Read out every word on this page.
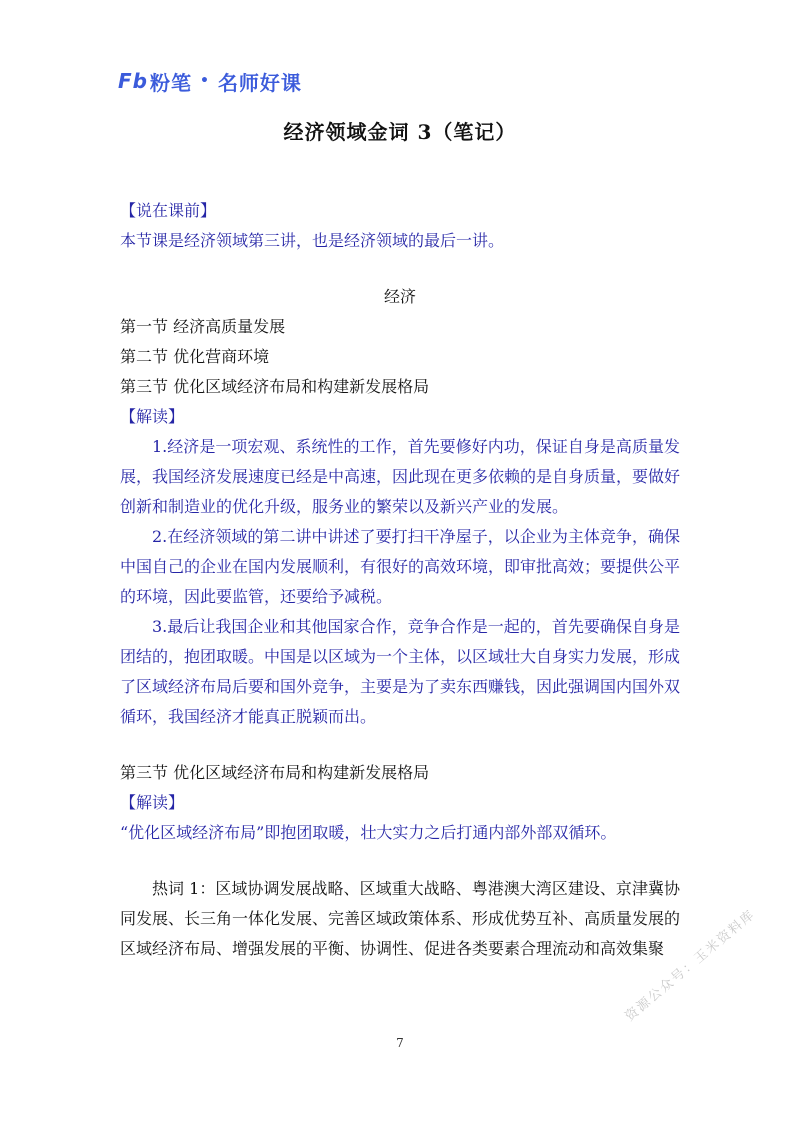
Fb 粉笔 • 名师好课
经济领域金词 3（笔记）
【说在课前】
本节课是经济领域第三讲，也是经济领域的最后一讲。
经济
第一节 经济高质量发展
第二节 优化营商环境
第三节 优化区域经济布局和构建新发展格局
【解读】
1.经济是一项宏观、系统性的工作，首先要修好内功，保证自身是高质量发展，我国经济发展速度已经是中高速，因此现在更多依赖的是自身质量，要做好创新和制造业的优化升级，服务业的繁荣以及新兴产业的发展。
2.在经济领域的第二讲中讲述了要打扫干净屋子，以企业为主体竞争，确保中国自己的企业在国内发展顺利，有很好的高效环境，即审批高效；要提供公平的环境，因此要监管，还要给予减税。
3.最后让我国企业和其他国家合作，竞争合作是一起的，首先要确保自身是团结的，抱团取暖。中国是以区域为一个主体，以区域壮大自身实力发展，形成了区域经济布局后要和国外竞争，主要是为了卖东西赚钱，因此强调国内国外双循环，我国经济才能真正脱颖而出。
第三节 优化区域经济布局和构建新发展格局
【解读】
“优化区域经济布局”即抱团取暖，壮大实力之后打通内部外部双循环。
热词 1：区域协调发展战略、区域重大战略、粤港澳大湾区建设、京津冀协同发展、长三角一体化发展、完善区域政策体系、形成优势互补、高质量发展的区域经济布局、增强发展的平衡、协调性、促进各类要素合理流动和高效集聚
7
资源公众号：玉米资料库
